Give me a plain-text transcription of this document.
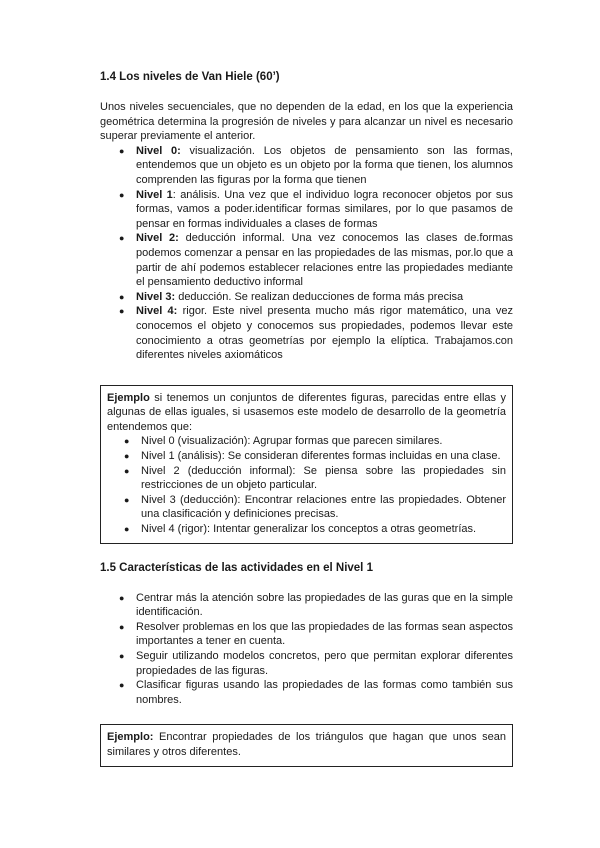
1.4 Los niveles de Van Hiele (60’)

Unos niveles secuenciales, que no dependen de la edad, en los que la experiencia geométrica determina la progresión de niveles y para alcanzar un nivel es necesario superar previamente el anterior.

● Nivel 0: visualización. Los objetos de pensamiento son las formas, entendemos que un objeto es un objeto por la forma que tienen, los alumnos comprenden las figuras por la forma que tienen
● Nivel 1: análisis. Una vez que el individuo logra reconocer objetos por sus formas, vamos a poder.identificar formas similares, por lo que pasamos de pensar en formas individuales a clases de formas
● Nivel 2: deducción informal. Una vez conocemos las clases de.formas podemos comenzar a pensar en las propiedades de las mismas, por.lo que a partir de ahí podemos establecer relaciones entre las propiedades mediante el pensamiento deductivo informal
● Nivel 3: deducción. Se realizan deducciones de forma más precisa
● Nivel 4: rigor. Este nivel presenta mucho más rigor matemático, una vez conocemos el objeto y conocemos sus propiedades, podemos llevar este conocimiento a otras geometrías por ejemplo la elíptica. Trabajamos.con diferentes niveles axiomáticos

Ejemplo si tenemos un conjuntos de diferentes figuras, parecidas entre ellas y algunas de ellas iguales, si usasemos este modelo de desarrollo de la geometría entendemos que:

● Nivel 0 (visualización): Agrupar formas que parecen similares.
● Nivel 1 (análisis): Se consideran diferentes formas incluidas en una clase.
● Nivel 2 (deducción informal): Se piensa sobre las propiedades sin restricciones de un objeto particular.
● Nivel 3 (deducción): Encontrar relaciones entre las propiedades. Obtener una clasificación y definiciones precisas.
● Nivel 4 (rigor): Intentar generalizar los conceptos a otras geometrías.
1.5 Características de las actividades en el Nivel 1
● Centrar más la atención sobre las propiedades de las guras que en la simple identificación.
● Resolver problemas en los que las propiedades de las formas sean aspectos importantes a tener en cuenta.
● Seguir utilizando modelos concretos, pero que permitan explorar diferentes propiedades de las figuras.
● Clasificar figuras usando las propiedades de las formas como también sus nombres.

Ejemplo: Encontrar propiedades de los triángulos que hagan que unos sean similares y otros diferentes.
